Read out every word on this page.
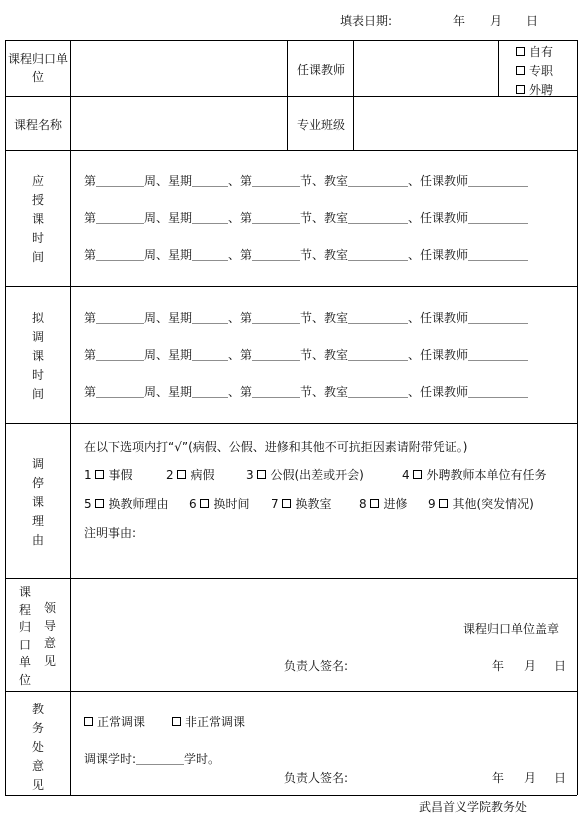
填表日期:	年 月 日
课程归口单位	任课教师
自有
专职
外聘
课程名称	专业班级
应授课时间
第＿＿＿＿周、星期＿＿＿、第＿＿＿＿节、教室＿＿＿＿＿、任课教师＿＿＿＿＿
第＿＿＿＿周、星期＿＿＿、第＿＿＿＿节、教室＿＿＿＿＿、任课教师＿＿＿＿＿
第＿＿＿＿周、星期＿＿＿、第＿＿＿＿节、教室＿＿＿＿＿、任课教师＿＿＿＿＿
拟调课时间
第＿＿＿＿周、星期＿＿＿、第＿＿＿＿节、教室＿＿＿＿＿、任课教师＿＿＿＿＿
第＿＿＿＿周、星期＿＿＿、第＿＿＿＿节、教室＿＿＿＿＿、任课教师＿＿＿＿＿
第＿＿＿＿周、星期＿＿＿、第＿＿＿＿节、教室＿＿＿＿＿、任课教师＿＿＿＿＿
调停课理由
在以下选项内打“√”(病假、公假、进修和其他不可抗拒因素请附带凭证。)
1 事假	2 病假	3 公假(出差或开会)	4 外聘教师本单位有任务
5 换教师理由 6 换时间 7 换教室 8 进修 9 其他(突发情况)
注明事由:
课程归口单位
领导意见
课程归口单位盖章
负责人签名:	年 月 日
教务处意见
正常调课	非正常调课
调课学时:＿＿＿＿学时。
负责人签名:	年 月 日
武昌首义学院教务处
